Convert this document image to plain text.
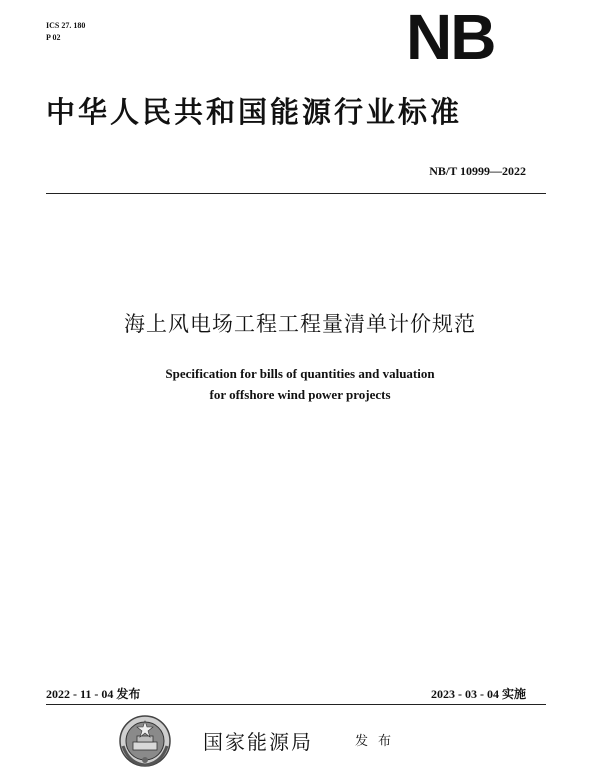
ICS 27. 180
P 02	NB
中华人民共和国能源行业标准
NB/T 10999—2022
海上风电场工程工程量清单计价规范
Specification for bills of quantities and valuation
for offshore wind power projects
2022 - 11 - 04 发布	2023 - 03 - 04 实施
国家能源局	发布
